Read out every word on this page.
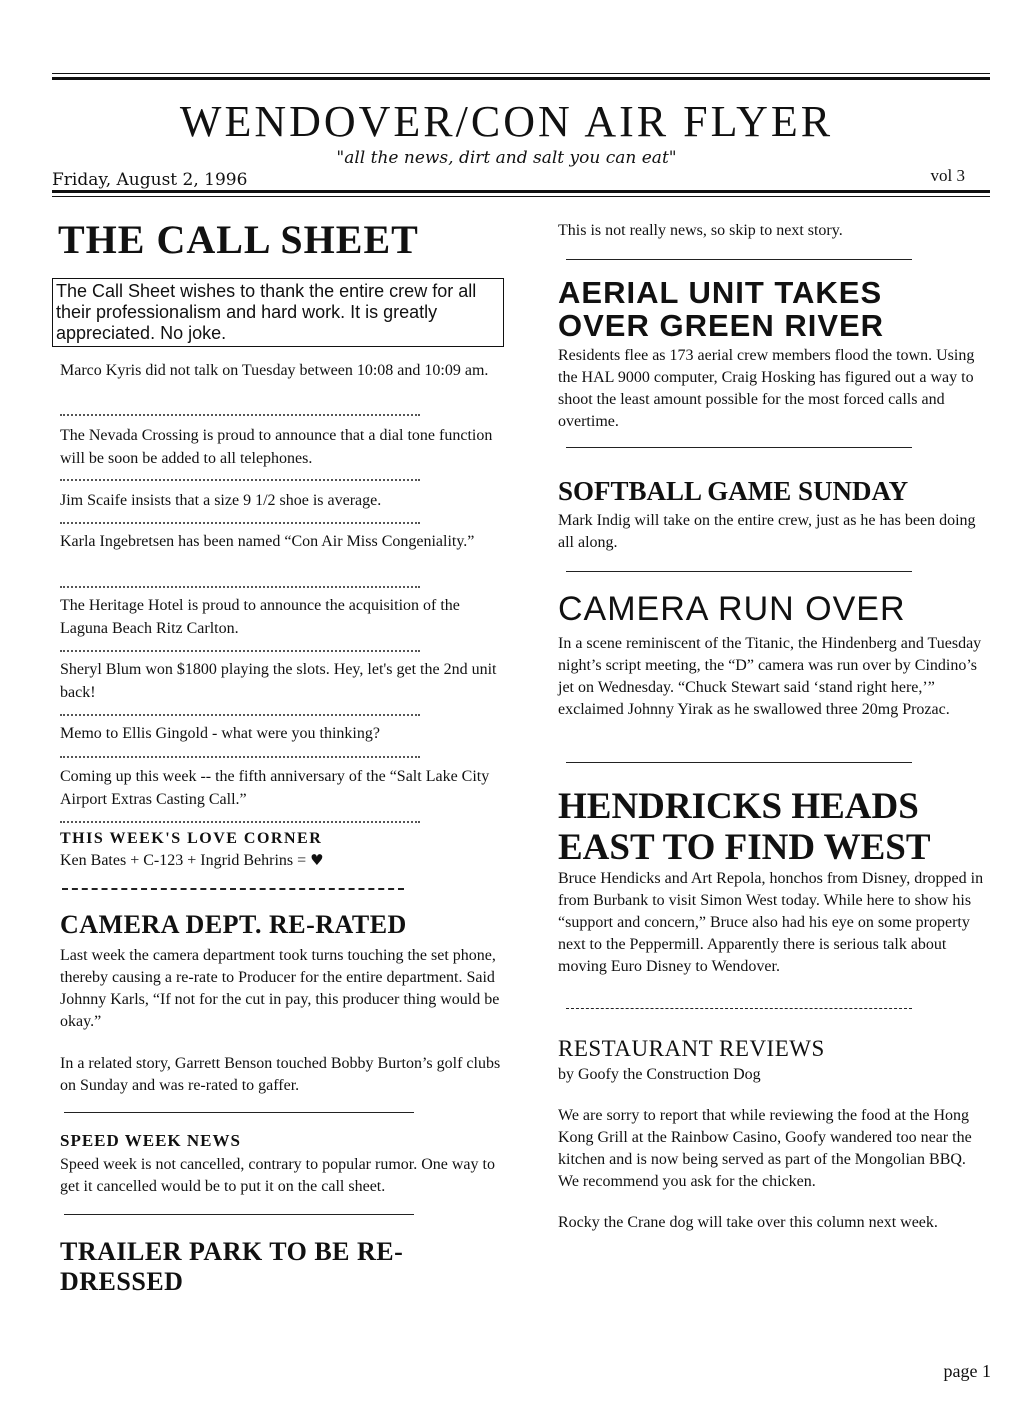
WENDOVER/CON AIR FLYER
"all the news, dirt and salt you can eat"
Friday, August 2, 1996	vol 3
THE CALL SHEET
The Call Sheet wishes to thank the entire crew for all their professionalism and hard work. It is greatly appreciated. No joke.
Marco Kyris did not talk on Tuesday between 10:08 and 10:09 am.
The Nevada Crossing is proud to announce that a dial tone function will be soon be added to all telephones.
Jim Scaife insists that a size 9 1/2 shoe is average.
Karla Ingebretsen has been named “Con Air Miss Congeniality.”
The Heritage Hotel is proud to announce the acquisition of the Laguna Beach Ritz Carlton.
Sheryl Blum won $1800 playing the slots. Hey, let's get the 2nd unit back!
Memo to Ellis Gingold - what were you thinking?
Coming up this week -- the fifth anniversary of the “Salt Lake City Airport Extras Casting Call.”
THIS WEEK'S LOVE CORNER
Ken Bates + C-123 + Ingrid Behrins = ♥
CAMERA DEPT. RE-RATED
Last week the camera department took turns touching the set phone, thereby causing a re-rate to Producer for the entire department. Said Johnny Karls, “If not for the cut in pay, this producer thing would be okay.”
In a related story, Garrett Benson touched Bobby Burton’s golf clubs on Sunday and was re-rated to gaffer.
SPEED WEEK NEWS
Speed week is not cancelled, contrary to popular rumor. One way to get it cancelled would be to put it on the call sheet.
TRAILER PARK TO BE RE-DRESSED
This is not really news, so skip to next story.
AERIAL UNIT TAKES OVER GREEN RIVER
Residents flee as 173 aerial crew members flood the town. Using the HAL 9000 computer, Craig Hosking has figured out a way to shoot the least amount possible for the most forced calls and overtime.
SOFTBALL GAME SUNDAY
Mark Indig will take on the entire crew, just as he has been doing all along.
CAMERA RUN OVER
In a scene reminiscent of the Titanic, the Hindenberg and Tuesday night’s script meeting, the “D” camera was run over by Cindino’s jet on Wednesday. “Chuck Stewart said ‘stand right here,’” exclaimed Johnny Yirak as he swallowed three 20mg Prozac.
HENDRICKS HEADS EAST TO FIND WEST
Bruce Hendicks and Art Repola, honchos from Disney, dropped in from Burbank to visit Simon West today. While here to show his “support and concern,” Bruce also had his eye on some property next to the Peppermill. Apparently there is serious talk about moving Euro Disney to Wendover.
RESTAURANT REVIEWS
by Goofy the Construction Dog
We are sorry to report that while reviewing the food at the Hong Kong Grill at the Rainbow Casino, Goofy wandered too near the kitchen and is now being served as part of the Mongolian BBQ. We recommend you ask for the chicken.
Rocky the Crane dog will take over this column next week.
page 1
